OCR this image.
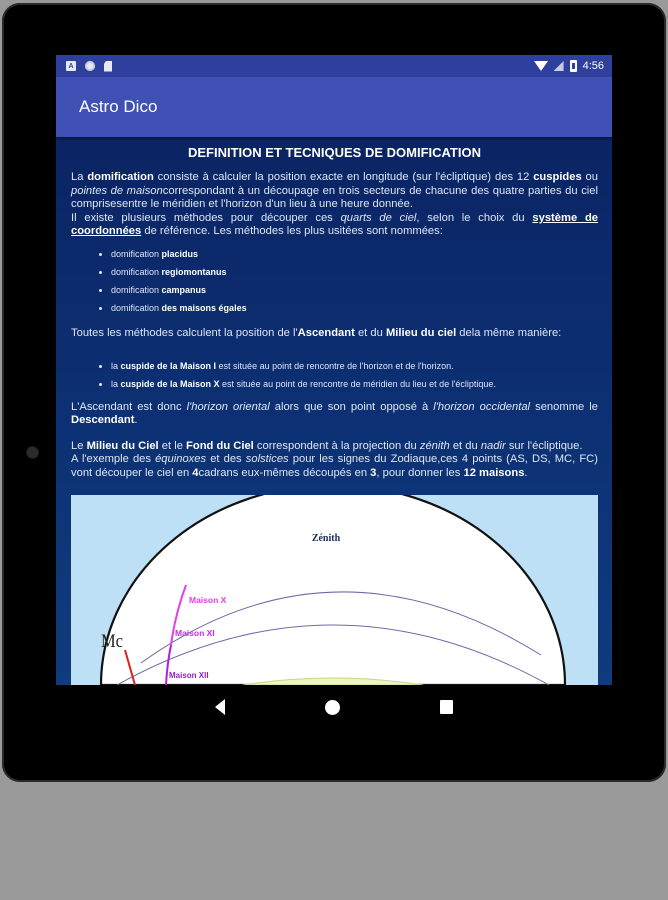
A	4:56
Astro Dico
DEFINITION ET TECNIQUES DE DOMIFICATION

La domification consiste à calculer la position exacte en longitude (sur l'écliptique) des 12 cuspides ou pointes de maisoncorrespondant à un découpage en trois secteurs de chacune des quatre parties du ciel comprisesentre le méridien et l'horizon d'un lieu à une heure donnée.

Il existe plusieurs méthodes pour découper ces quarts de ciel, selon le choix du système de coordonnées de référence. Les méthodes les plus usitées sont nommées:

• domification placidus
• domification regiomontanus
• domification campanus
• domification des maisons égales

Toutes les méthodes calculent la position de l'Ascendant et du Milieu du ciel dela même manière:

• la cuspide de la Maison I est située au point de rencontre de l'horizon et de l'horizon.
• la cuspide de la Maison X est située au point de rencontre de méridien du lieu et de l'écliptique.

L'Ascendant est donc l'horizon oriental alors que son point opposé à l'horizon occidental senomme le Descendant.

Le Milieu du Ciel et le Fond du Ciel correspondent à la projection du zénith et du nadir sur l'écliptique.

A l'exemple des équinoxes et des solstices pour les signes du Zodiaque,ces 4 points (AS, DS, MC, FC) vont découper le ciel en 4cadrans eux-mêmes découpés en 3, pour donner les 12 maisons.

Zénith
Mc
Maison X
Maison XI
Maison XII
